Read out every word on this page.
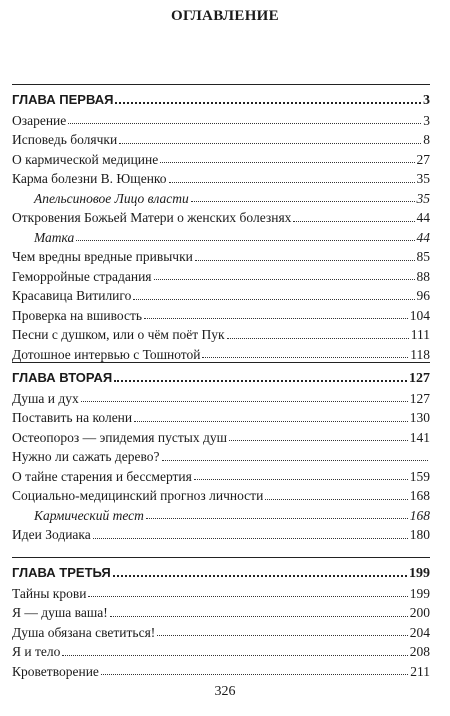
ОГЛАВЛЕНИЕ
ГЛАВА ПЕРВАЯ	3
Озарение	3
Исповедь болячки	8
О кармической медицине	27
Карма болезни В. Ющенко	35
Апельсиновое Лицо власти	35
Откровения Божьей Матери о женских болезнях	44
Матка	44
Чем вредны вредные привычки	85
Геморройные страдания	88
Красавица Витилиго	96
Проверка на вшивость	104
Песни с душком, или о чём поёт Пук	111
Дотошное интервью с Тошнотой	118
ГЛАВА ВТОРАЯ	127
Душа и дух	127
Поставить на колени	130
Остеопороз — эпидемия пустых душ	141
Нужно ли сажать дерево?
О тайне старения и бессмертия	159
Социально-медицинский прогноз личности	168
Кармический тест	168
Идеи Зодиака	180
ГЛАВА ТРЕТЬЯ	199
Тайны крови	199
Я — душа ваша!	200
Душа обязана светиться!	204
Я и тело	208
Кроветворение	211
326
